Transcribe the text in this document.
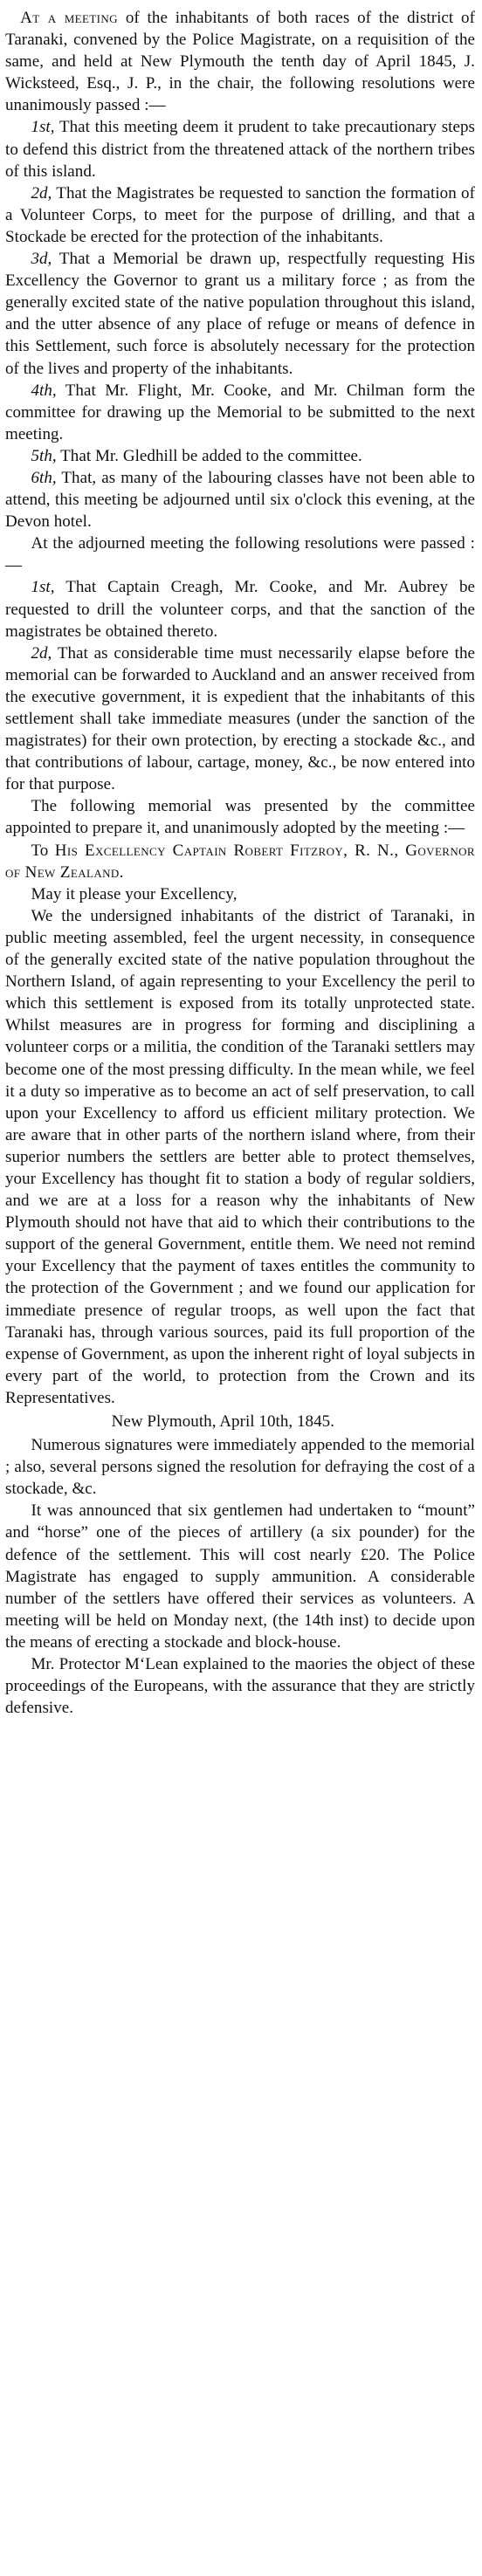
At a meeting of the inhabitants of both races of the district of Taranaki, convened by the Police Magistrate, on a requisition of the same, and held at New Plymouth the tenth day of April 1845, J. Wicksteed, Esq., J. P., in the chair, the following resolutions were unanimously passed :—

1st, That this meeting deem it prudent to take precautionary steps to defend this district from the threatened attack of the northern tribes of this island.

2d, That the Magistrates be requested to sanction the formation of a Volunteer Corps, to meet for the purpose of drilling, and that a Stockade be erected for the protection of the inhabitants.

3d, That a Memorial be drawn up, respectfully requesting His Excellency the Governor to grant us a military force ; as from the generally excited state of the native population throughout this island, and the utter absence of any place of refuge or means of defence in this Settlement, such force is absolutely necessary for the protection of the lives and property of the inhabitants.

4th, That Mr. Flight, Mr. Cooke, and Mr. Chilman form the committee for drawing up the Memorial to be submitted to the next meeting.

5th, That Mr. Gledhill be added to the committee.

6th, That, as many of the labouring classes have not been able to attend, this meeting be adjourned until six o'clock this evening, at the Devon hotel.

At the adjourned meeting the following resolutions were passed :—

1st, That Captain Creagh, Mr. Cooke, and Mr. Aubrey be requested to drill the volunteer corps, and that the sanction of the magistrates be obtained thereto.

2d, That as considerable time must necessarily elapse before the memorial can be forwarded to Auckland and an answer received from the executive government, it is expedient that the inhabitants of this settlement shall take immediate measures (under the sanction of the magistrates) for their own protection, by erecting a stockade &c., and that contributions of labour, cartage, money, &c., be now entered into for that purpose.

The following memorial was presented by the committee appointed to prepare it, and unanimously adopted by the meeting :—

To His Excellency Captain Robert Fitzroy, R. N., Governor of New Zealand.

May it please your Excellency,

We the undersigned inhabitants of the district of Taranaki, in public meeting assembled, feel the urgent necessity, in consequence of the generally excited state of the native population throughout the Northern Island, of again representing to your Excellency the peril to which this settlement is exposed from its totally unprotected state. Whilst measures are in progress for forming and disciplining a volunteer corps or a militia, the condition of the Taranaki settlers may become one of the most pressing difficulty. In the mean while, we feel it a duty so imperative as to become an act of self preservation, to call upon your Excellency to afford us efficient military protection. We are aware that in other parts of the northern island where, from their superior numbers the settlers are better able to protect themselves, your Excellency has thought fit to station a body of regular soldiers, and we are at a loss for a reason why the inhabitants of New Plymouth should not have that aid to which their contributions to the support of the general Government, entitle them. We need not remind your Excellency that the payment of taxes entitles the community to the protection of the Government ; and we found our application for immediate presence of regular troops, as well upon the fact that Taranaki has, through various sources, paid its full proportion of the expense of Government, as upon the inherent right of loyal subjects in every part of the world, to protection from the Crown and its Representatives.

New Plymouth, April 10th, 1845.

Numerous signatures were immediately appended to the memorial ; also, several persons signed the resolution for defraying the cost of a stockade, &c.

It was announced that six gentlemen had undertaken to “mount” and “horse” one of the pieces of artillery (a six pounder) for the defence of the settlement. This will cost nearly £20. The Police Magistrate has engaged to supply ammunition. A considerable number of the settlers have offered their services as volunteers. A meeting will be held on Monday next, (the 14th inst) to decide upon the means of erecting a stockade and block-house.

Mr. Protector M‘Lean explained to the maories the object of these proceedings of the Europeans, with the assurance that they are strictly defensive.
